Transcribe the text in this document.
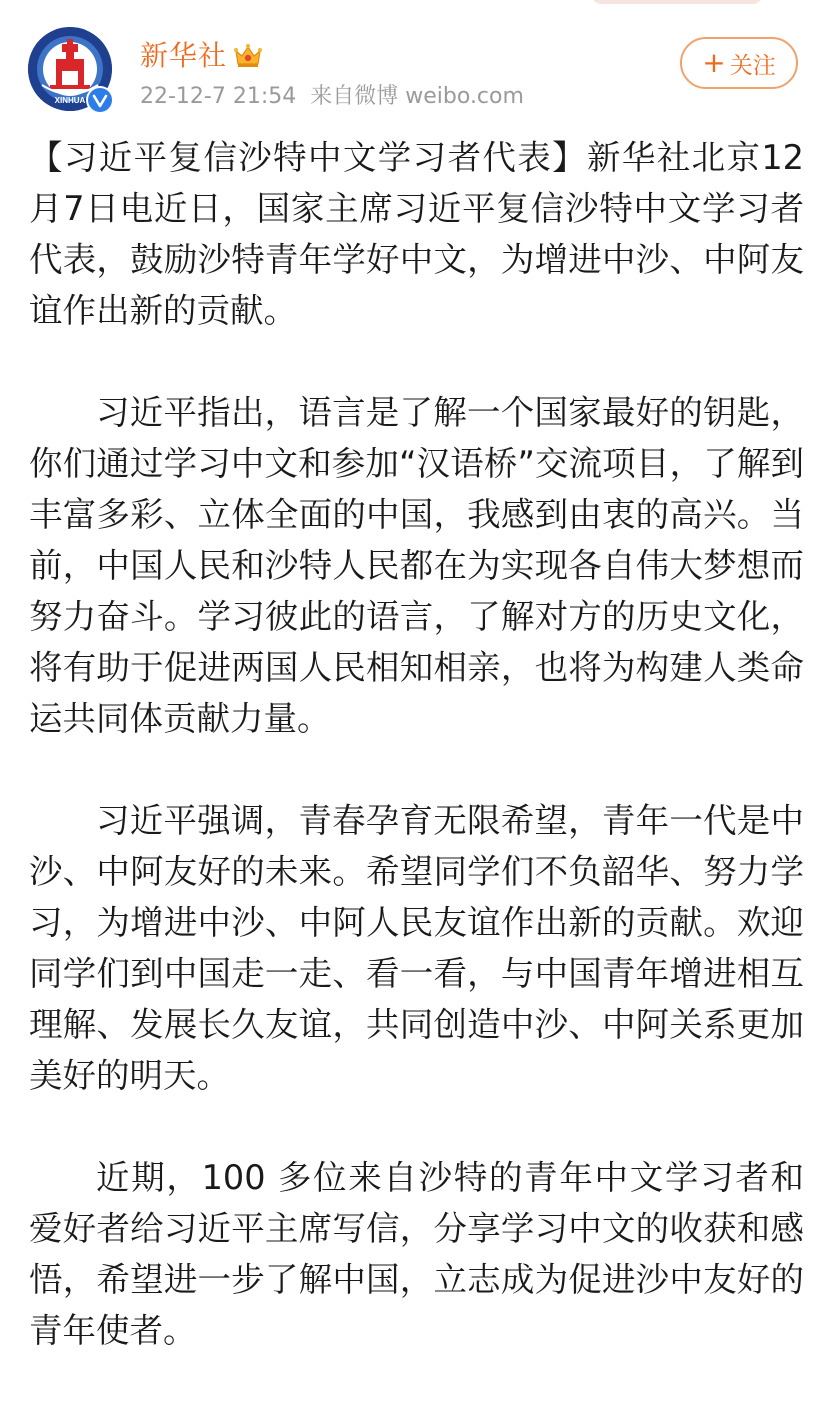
XINHUA
新华社
22-12-7 21:54 来自微博 weibo.com
+ 关注

【习近平复信沙特中文学习者代表】新华社北京12月7日电近日，国家主席习近平复信沙特中文学习者代表，鼓励沙特青年学好中文，为增进中沙、中阿友谊作出新的贡献。

习近平指出，语言是了解一个国家最好的钥匙，你们通过学习中文和参加“汉语桥”交流项目，了解到丰富多彩、立体全面的中国，我感到由衷的高兴。当前，中国人民和沙特人民都在为实现各自伟大梦想而努力奋斗。学习彼此的语言，了解对方的历史文化，将有助于促进两国人民相知相亲，也将为构建人类命运共同体贡献力量。

习近平强调，青春孕育无限希望，青年一代是中沙、中阿友好的未来。希望同学们不负韶华、努力学习，为增进中沙、中阿人民友谊作出新的贡献。欢迎同学们到中国走一走、看一看，与中国青年增进相互理解、发展长久友谊，共同创造中沙、中阿关系更加美好的明天。

近期，100 多位来自沙特的青年中文学习者和爱好者给习近平主席写信，分享学习中文的收获和感悟，希望进一步了解中国，立志成为促进沙中友好的青年使者。
